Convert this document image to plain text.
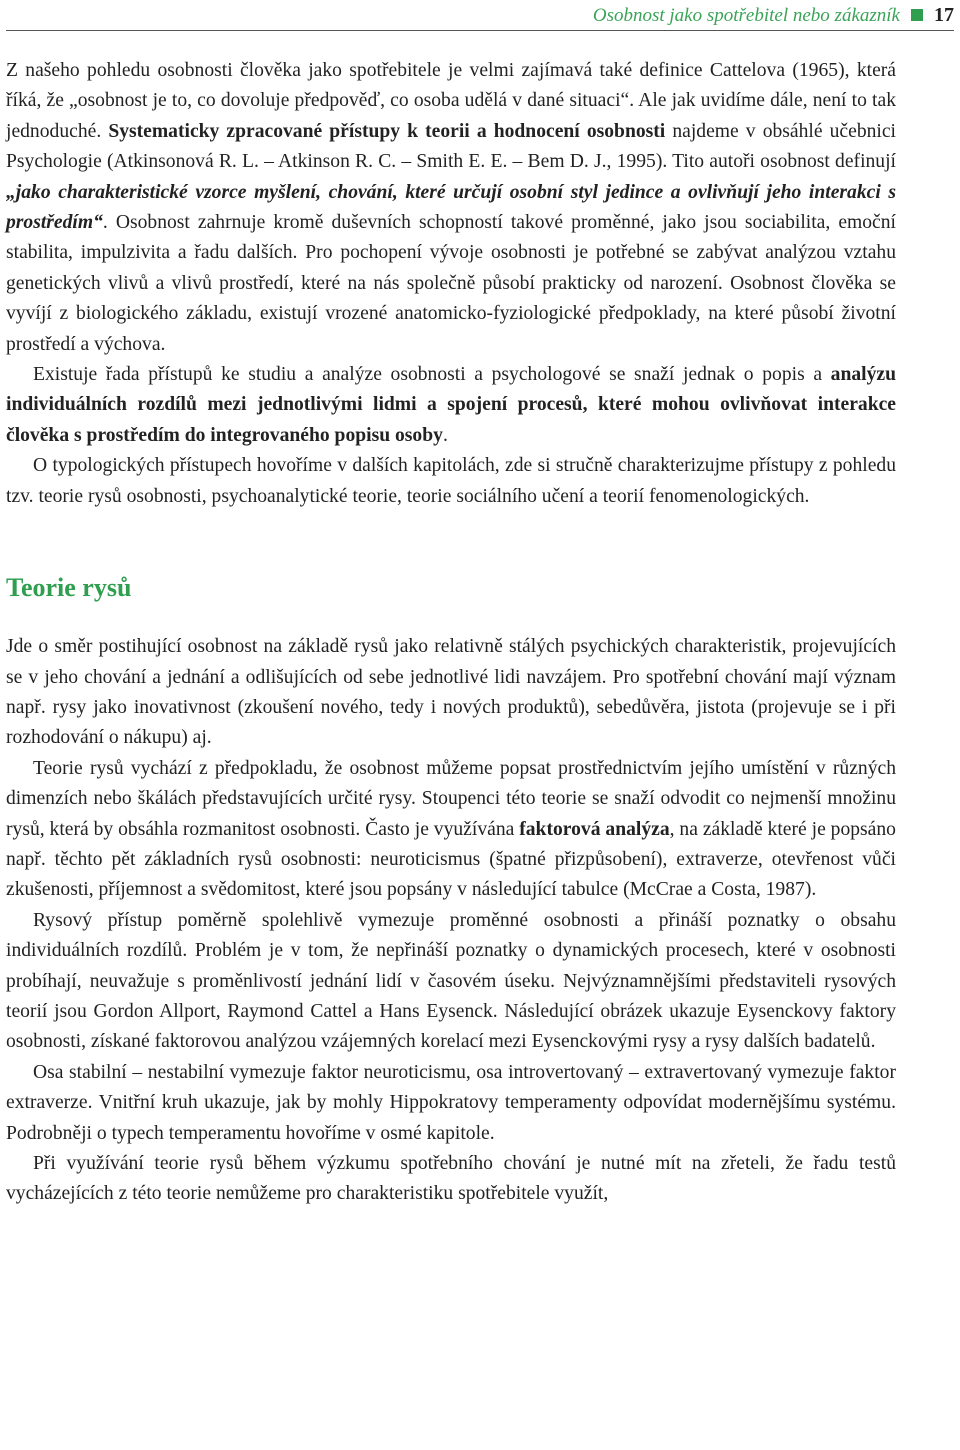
Osobnost jako spotřebitel nebo zákazník 17

Z našeho pohledu osobnosti člověka jako spotřebitele je velmi zajímavá také definice Cattelova (1965), která říká, že „osobnost je to, co dovoluje předpověď, co osoba udělá v dané situaci“. Ale jak uvidíme dále, není to tak jednoduché. Systematicky zpracované přístupy k teorii a hodnocení osobnosti najdeme v obsáhlé učebnici Psychologie (Atkinsonová R. L. – Atkinson R. C. – Smith E. E. – Bem D. J., 1995). Tito autoři osobnost definují „jako charakteristické vzorce myšlení, chování, které určují osobní styl jedince a ovlivňují jeho interakci s prostředím“. Osobnost zahrnuje kromě duševních schopností takové proměnné, jako jsou sociabilita, emoční stabilita, impulzivita a řadu dalších. Pro pochopení vývoje osobnosti je potřebné se zabývat analýzou vztahu genetických vlivů a vlivů prostředí, které na nás společně působí prakticky od narození. Osobnost člověka se vyvíjí z biologického základu, existují vrozené anatomicko-fyziologické předpoklady, na které působí životní prostředí a výchova.

Existuje řada přístupů ke studiu a analýze osobnosti a psychologové se snaží jednak o popis a analýzu individuálních rozdílů mezi jednotlivými lidmi a spojení procesů, které mohou ovlivňovat interakce člověka s prostředím do integrovaného popisu osoby.

O typologických přístupech hovoříme v dalších kapitolách, zde si stručně charakterizujme přístupy z pohledu tzv. teorie rysů osobnosti, psychoanalytické teorie, teorie sociálního učení a teorií fenomenologických.

Teorie rysů

Jde o směr postihující osobnost na základě rysů jako relativně stálých psychických charakteristik, projevujících se v jeho chování a jednání a odlišujících od sebe jednotlivé lidi navzájem. Pro spotřební chování mají význam např. rysy jako inovativnost (zkoušení nového, tedy i nových produktů), sebedůvěra, jistota (projevuje se i při rozhodování o nákupu) aj.

Teorie rysů vychází z předpokladu, že osobnost můžeme popsat prostřednictvím jejího umístění v různých dimenzích nebo škálách představujících určité rysy. Stoupenci této teorie se snaží odvodit co nejmenší množinu rysů, která by obsáhla rozmanitost osobnosti. Často je využívána faktorová analýza, na základě které je popsáno např. těchto pět základních rysů osobnosti: neuroticismus (špatné přizpůsobení), extraverze, otevřenost vůči zkušenosti, příjemnost a svědomitost, které jsou popsány v následující tabulce (McCrae a Costa, 1987).

Rysový přístup poměrně spolehlivě vymezuje proměnné osobnosti a přináší poznatky o obsahu individuálních rozdílů. Problém je v tom, že nepřináší poznatky o dynamických procesech, které v osobnosti probíhají, neuvažuje s proměnlivostí jednání lidí v časovém úseku. Nejvýznamnějšími představiteli rysových teorií jsou Gordon Allport, Raymond Cattel a Hans Eysenck. Následující obrázek ukazuje Eysenckovy faktory osobnosti, získané faktorovou analýzou vzájemných korelací mezi Eysenckovými rysy a rysy dalších badatelů.

Osa stabilní – nestabilní vymezuje faktor neuroticismu, osa introvertovaný – extravertovaný vymezuje faktor extraverze. Vnitřní kruh ukazuje, jak by mohly Hippokratovy temperamenty odpovídat modernějšímu systému. Podrobněji o typech temperamentu hovoříme v osmé kapitole.

Při využívání teorie rysů během výzkumu spotřebního chování je nutné mít na zřeteli, že řadu testů vycházejících z této teorie nemůžeme pro charakteristiku spotřebitele využít,
